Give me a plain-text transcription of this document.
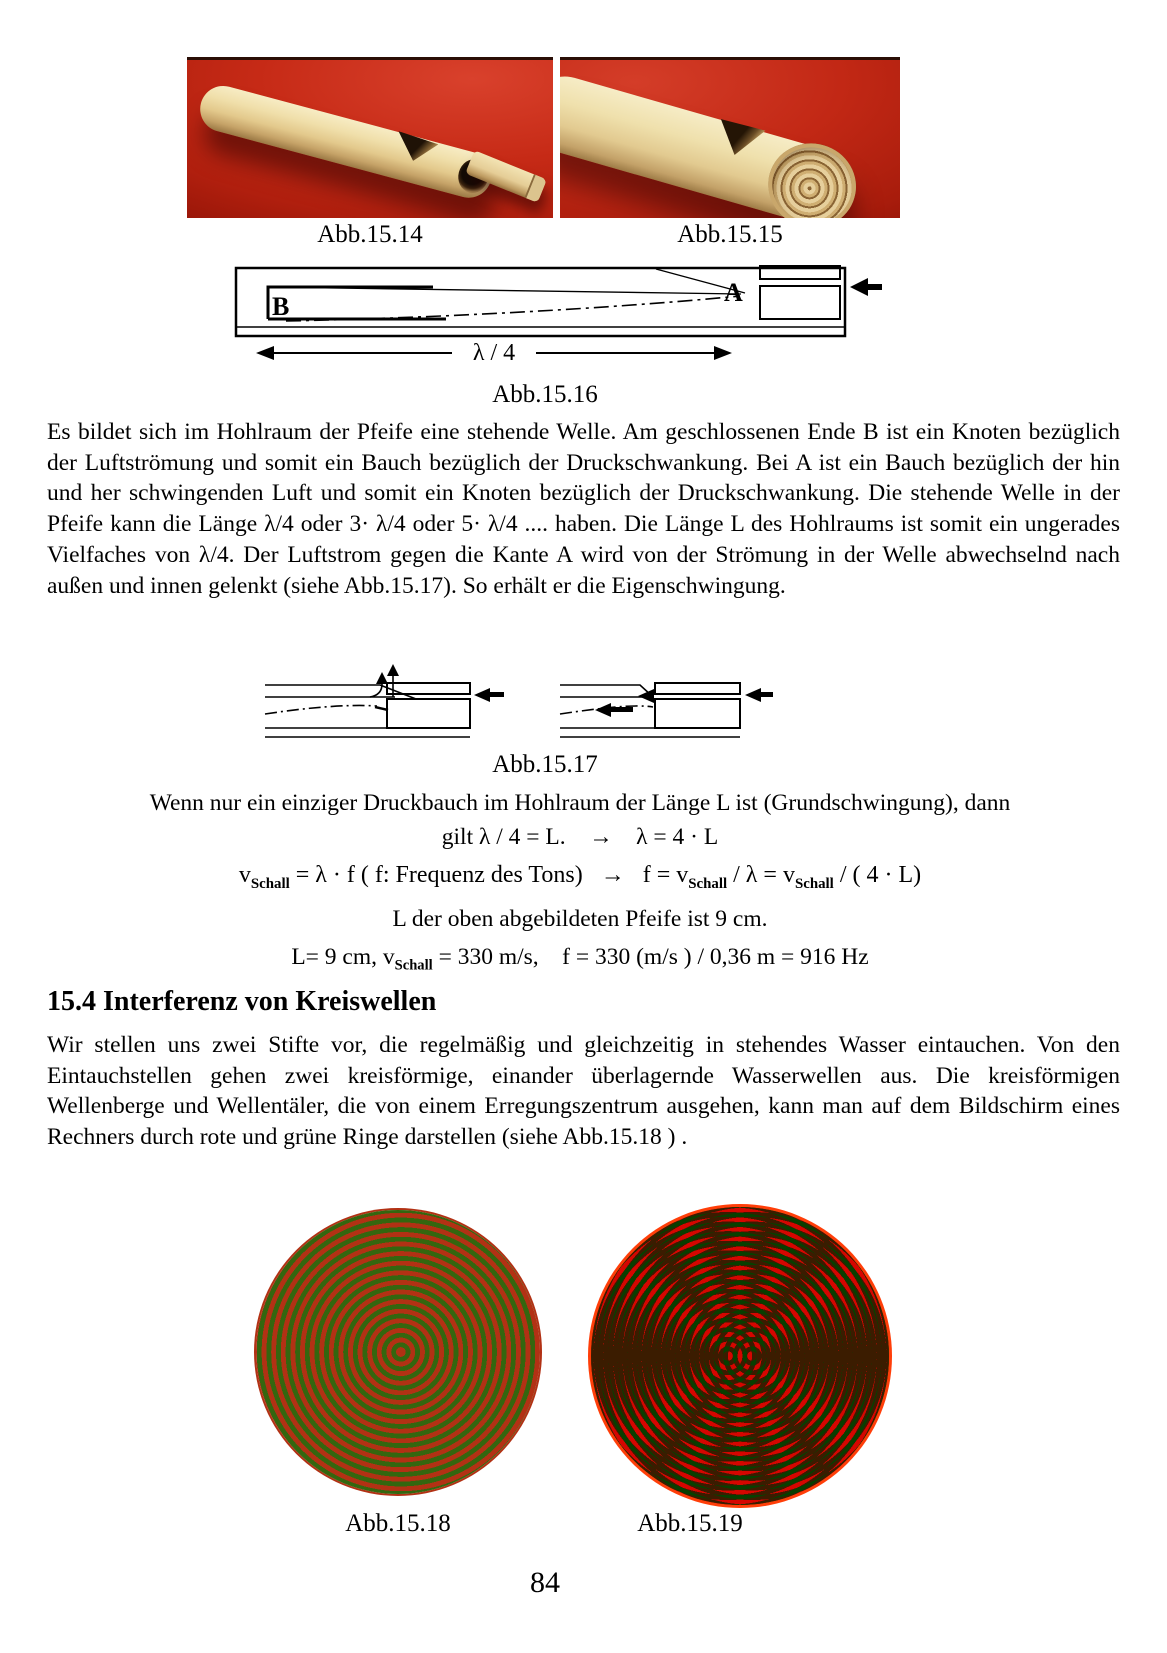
Abb.15.14	Abb.15.15
B	A
λ / 4
Abb.15.16
Es bildet sich im Hohlraum der Pfeife eine stehende Welle. Am geschlossenen Ende B ist ein Knoten bezüglich der Luftströmung und somit ein Bauch bezüglich der Druckschwankung. Bei A ist ein Bauch bezüglich der hin und her schwingenden Luft und somit ein Knoten bezüglich der Druckschwankung. Die stehende Welle in der Pfeife kann die Länge λ/4 oder 3· λ/4 oder 5· λ/4 .... haben. Die Länge L des Hohlraums ist somit ein ungerades Vielfaches von λ/4. Der Luftstrom gegen die Kante A wird von der Strömung in der Welle abwechselnd nach außen und innen gelenkt (siehe Abb.15.17). So erhält er die Eigenschwingung.
Abb.15.17
Wenn nur ein einziger Druckbauch im Hohlraum der Länge L ist (Grundschwingung), dann
gilt λ / 4 = L.    →    λ = 4 · L
$v_{Schall} = \lambda \cdot f$ ( f: Frequenz des Tons)   →   $f = v_{Schall} / \lambda = v_{Schall}$ / ( 4 · L)
L der oben abgebildeten Pfeife ist 9 cm.
L= 9 cm, $v_{Schall} = 330$ m/s,    f = 330 (m/s ) / 0,36 m = 916 Hz
15.4 Interferenz von Kreiswellen
Wir stellen uns zwei Stifte vor, die regelmäßig und gleichzeitig in stehendes Wasser eintauchen. Von den Eintauchstellen gehen zwei kreisförmige, einander überlagernde Wasserwellen aus. Die kreisförmigen Wellenberge und Wellentäler, die von einem Erregungszentrum ausgehen, kann man auf dem Bildschirm eines Rechners durch rote und grüne Ringe darstellen (siehe Abb.15.18 ) .
Abb.15.18	Abb.15.19
84
